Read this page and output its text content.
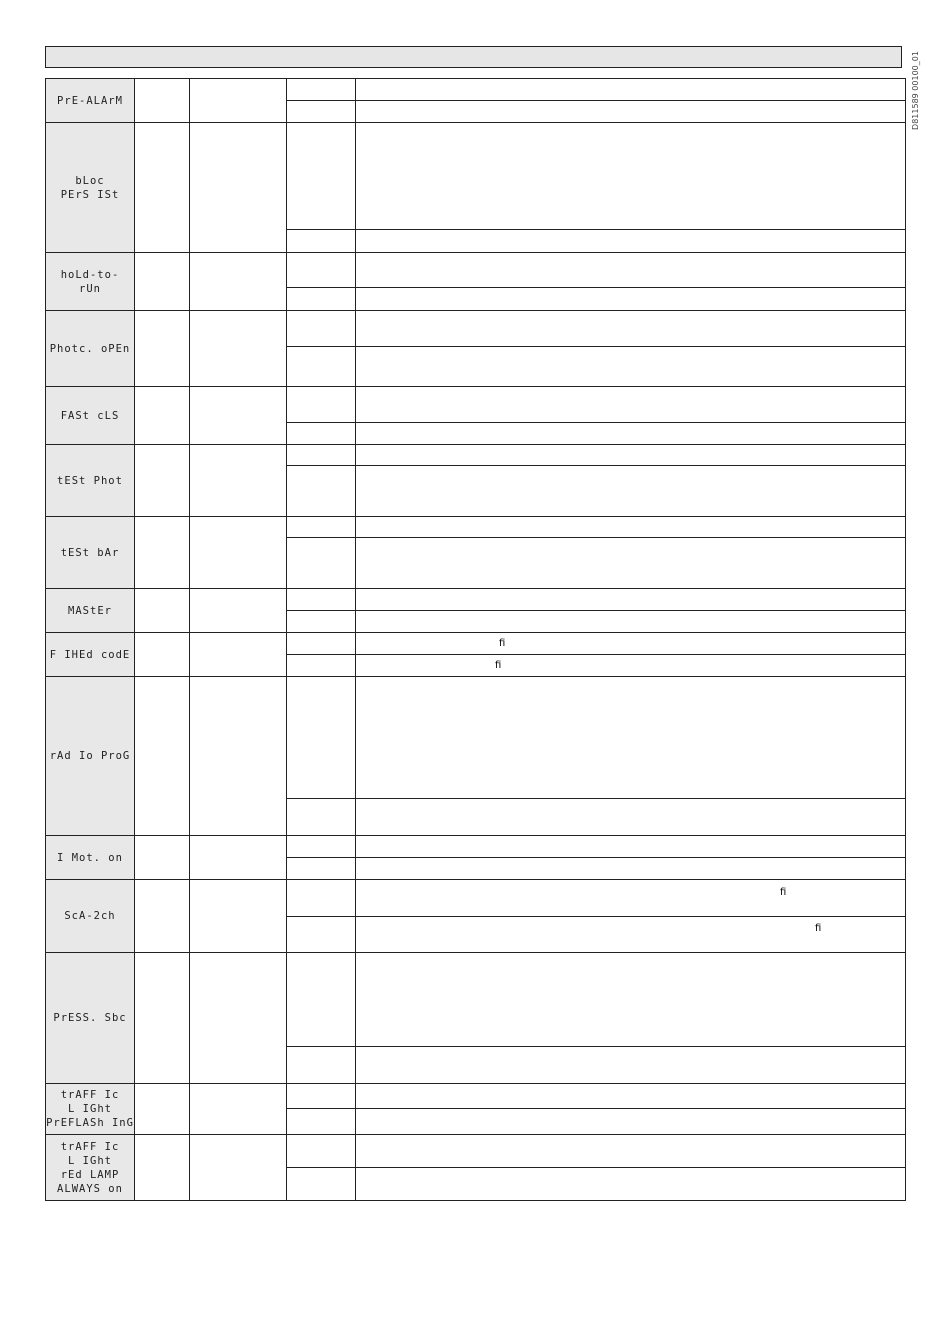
D811589 00100_01
PrE-ALArM				

bLoc
PErS ISt				

hoLd-to-
rUn				

Photc. oPEn				

FASt cLS				

tESt Phot				

tESt bAr				

MAStEr				

F IHEd codE				ﬁ
				ﬁ
rAd Io ProG				

I Mot. on				

ScA-2ch				ﬁ
				ﬁ
PrESS. Sbc				

trAFF Ic
L IGht
PrEFLASh InG				

trAFF Ic
L IGht
rEd LAMP
ALWAYS on				
